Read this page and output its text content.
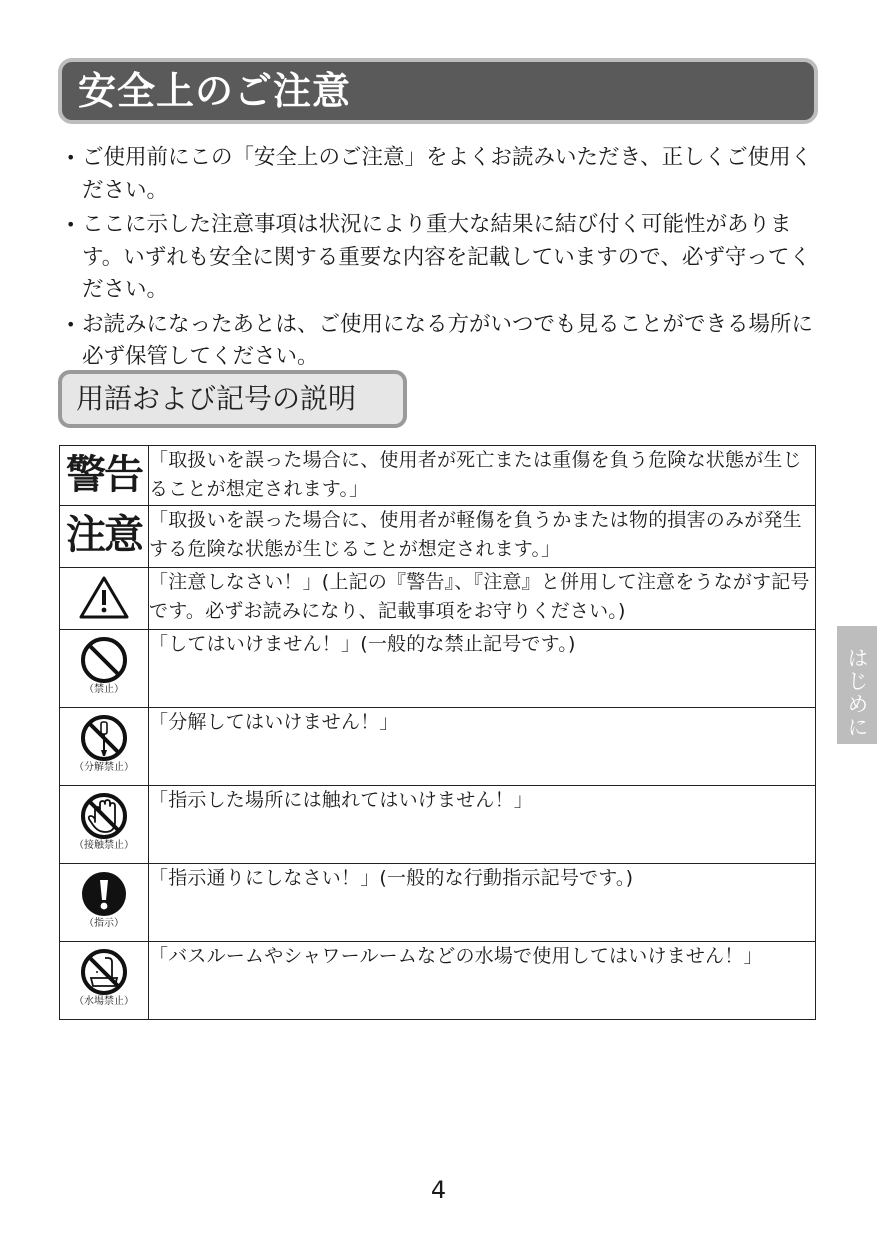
安全上のご注意
• ご使用前にこの「安全上のご注意」をよくお読みいただき、正しくご使用ください。
• ここに示した注意事項は状況により重大な結果に結び付く可能性があります。いずれも安全に関する重要な内容を記載していますので、必ず守ってください。
• お読みになったあとは、ご使用になる方がいつでも見ることができる場所に必ず保管してください。
用語および記号の説明
警告	「取扱いを誤った場合に、使用者が死亡または重傷を負う危険な状態が生じることが想定されます。」

注意	「取扱いを誤った場合に、使用者が軽傷を負うかまたは物的損害のみが発生する危険な状態が生じることが想定されます。」

	「注意しなさい！」(上記の『警告』、『注意』と併用して注意をうながす記号です。必ずお読みになり、記載事項をお守りください。)

（禁止）	「してはいけません！」(一般的な禁止記号です。)

（分解禁止）	「分解してはいけません！」

（接触禁止）	「指示した場所には触れてはいけません！」

（指示）	「指示通りにしなさい！」(一般的な行動指示記号です。)

（水場禁止）	「バスルームやシャワールームなどの水場で使用してはいけません！」
はじめに
4
